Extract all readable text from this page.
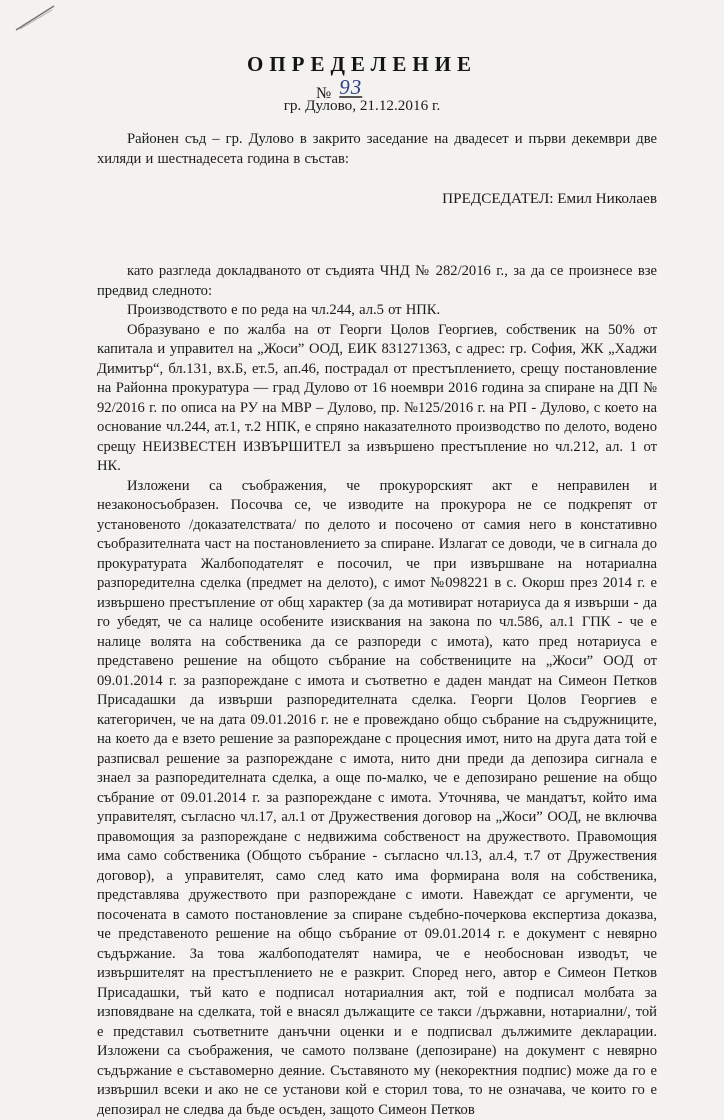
ОПРЕДЕЛЕНИЕ
№ 93
гр. Дулово, 21.12.2016 г.

Районен съд – гр. Дулово в закрито заседание на двадесет и първи декември две хиляди и шестнадесета година в състав:

ПРЕДСЕДАТЕЛ: Емил Николаев

като разгледа докладваното от съдията ЧНД № 282/2016 г., за да се произнесе взе предвид следното:

Производството е по реда на чл.244, ал.5 от НПК.

Образувано е по жалба на от Георги Цолов Георгиев, собственик на 50% от капитала и управител на „Жоси” ООД, ЕИК 831271363, с адрес: гр. София, ЖК „Хаджи Димитър“, бл.131, вх.Б, ет.5, ап.46, пострадал от престъплението, срещу постановление на Районна прокуратура — град Дулово от 16 ноември 2016 година за спиране на ДП № 92/2016 г. по описа на РУ на МВР – Дулово, пр. №125/2016 г. на РП - Дулово, с което на основание чл.244, ат.1, т.2 НПК, е спряно наказателното производство по делото, водено срещу НЕИЗВЕСТЕН ИЗВЪРШИТЕЛ за извършено престъпление но чл.212, ал. 1 от НК.

Изложени са съображения, че прокурорският акт е неправилен и незаконосъобразен. Посочва се, че изводите на прокурора не се подкрепят от установеното /доказателствата/ по делото и посочено от самия него в констативно съобразителната част на постановлението за спиране. Излагат се доводи, че в сигнала до прокуратурата Жалбоподателят е посочил, че при извършване на нотариална разпоредителна сделка (предмет на делото), с имот №098221 в с. Окорш през 2014 г. е извършено престъпление от общ характер (за да мотивират нотариуса да я извърши - да го убедят, че са налице особените изисквания на закона по чл.586, ал.1 ГПК - че е налице волята на собственика да се разпореди с имота), като пред нотариуса е представено решение на общото събрание на собствениците на „Жоси” ООД от 09.01.2014 г. за разпореждане с имота и съответно е даден мандат на Симеон Петков Присадашки да извърши разпоредителната сделка. Георги Цолов Георгиев е категоричен, че на дата 09.01.2016 г. не е провеждано общо събрание на съдружниците, на което да е взето решение за разпореждане с процесния имот, нито на друга дата той е разписвал решение за разпореждане с имота, нито дни преди да депозира сигнала е знаел за разпоредителната сделка, а още по-малко, че е депозирано решение на общо събрание от 09.01.2014 г. за разпореждане с имота. Уточнява, че мандатът, който има управителят, съгласно чл.17, ал.1 от Дружествения договор на „Жоси” ООД, не включва правомощия за разпореждане с недвижима собственост на дружеството. Правомощия има само собственика (Общото събрание - съгласно чл.13, ал.4, т.7 от Дружествения договор), а управителят, само след като има формирана воля на собственика, представлява дружеството при разпореждане с имоти. Навеждат се аргументи, че посочената в самото постановление за спиране съдебно-почеркова експертиза доказва, че представеното решение на общо събрание от 09.01.2014 г. е документ с невярно съдържание. За това жалбоподателят намира, че е необоснован изводът, че извършителят на престъплението не е разкрит. Според него, автор е Симеон Петков Присадашки, тъй като е подписал нотариалния акт, той е подписал молбата за изповядване на сделката, той е внасял дължащите се такси /държавни, нотариални/, той е представил съответните данъчни оценки и е подписвал дължимите декларации. Изложени са съображения, че самото ползване (депозиране) на документ с невярно съдържание е съставомерно деяние. Съставяното му (некоректния подпис) може да го е извършил всеки и ако не се установи кой е сторил това, то не означава, че които го е депозирал не следва да бъде осъден, защото Симеон Петков
